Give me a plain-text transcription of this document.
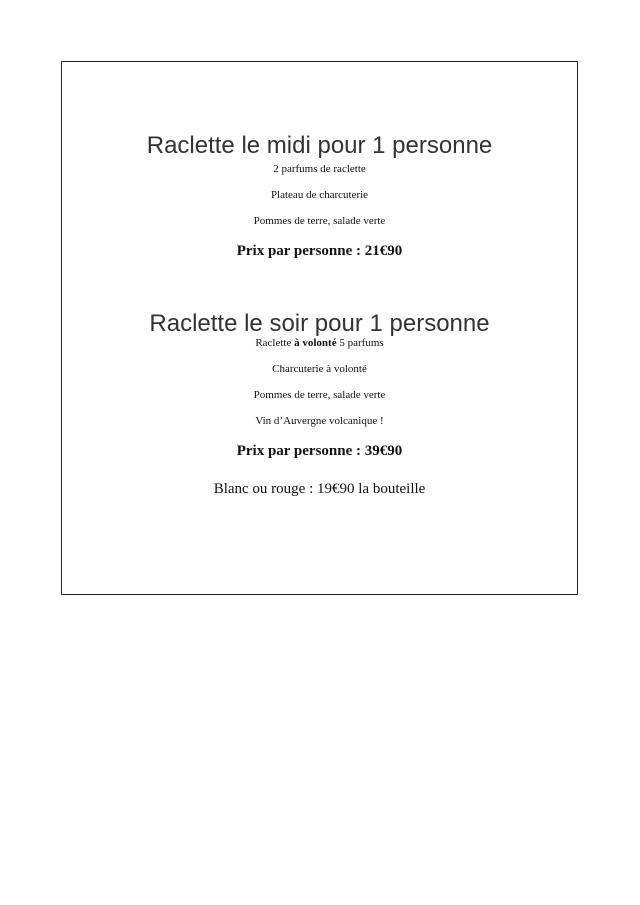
Raclette le midi pour 1 personne
2 parfums de raclette
Plateau de charcuterie
Pommes de terre, salade verte
Prix par personne : 21€90
Raclette le soir pour 1 personne
Raclette à volonté 5 parfums
Charcuterie à volonté
Pommes de terre, salade verte
Vin d’Auvergne volcanique !
Prix par personne : 39€90
Blanc ou rouge : 19€90 la bouteille
